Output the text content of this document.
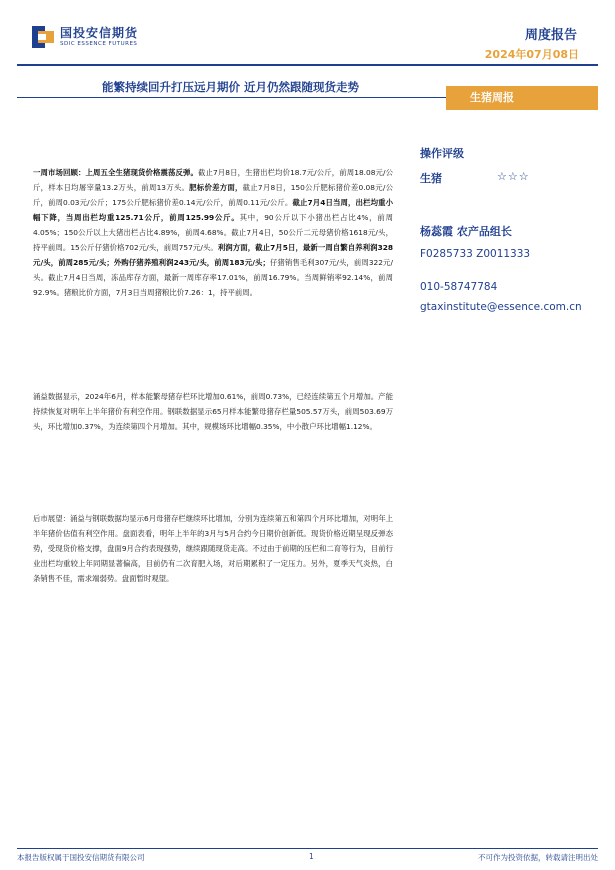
国投安信期货
SDIC ESSENCE FUTURES
周度报告
2024年07月08日
能繁持续回升打压远月期价 近月仍然跟随现货走势
生猪周报
操作评级
生猪	☆☆☆
杨蕊霞 农产品组长
F0285733 Z0011333
010-58747784
gtaxinstitute@essence.com.cn

一周市场回顾：上周五全生猪现货价格震荡反弹。截止7月8日，生猪出栏均价18.7元/公斤，前周18.08元/公斤，样本日均屠宰量13.2万头，前周13万头。肥标价差方面，截止7月8日，150公斤肥标猪价差0.08元/公斤，前周0.03元/公斤；175公斤肥标猪价差0.14元/公斤，前周0.11元/公斤。截止7月4日当周，出栏均重小幅下降，当周出栏均重125.71公斤，前周125.99公斤。其中，90公斤以下小猪出栏占比4%，前周4.05%；150公斤以上大猪出栏占比4.89%，前周4.68%。截止7月4日，50公斤二元母猪价格1618元/头，持平前周。15公斤仔猪价格702元/头，前周757元/头。利润方面，截止7月5日，最新一周自繁自养利润328元/头，前周285元/头；外购仔猪养殖利润243元/头，前周183元/头；仔猪销售毛利307元/头，前周322元/头。截止7月4日当周，冻品库存方面，最新一周库存率17.01%，前周16.79%。当周鲜销率92.14%，前周92.9%。猪粮比价方面，7月3日当周猪粮比价7.26：1，持平前周。

涌益数据显示，2024年6月，样本能繁母猪存栏环比增加0.61%，前周0.73%，已经连续第五个月增加。产能持续恢复对明年上半年猪价有利空作用。钢联数据显示65月样本能繁母猪存栏量505.57万头，前周503.69万头，环比增加0.37%，为连续第四个月增加。其中，规模场环比增幅0.35%，中小散户环比增幅1.12%。

后市展望：涌益与钢联数据均显示6月母猪存栏继续环比增加，分别为连续第五和第四个月环比增加，对明年上半年猪价估值有利空作用。盘面表看，明年上半年的3月与5月合约今日期价创新低。现货价格近期呈现反弹态势，受现货价格支撑，盘面9月合约表现强势，继续跟随现货走高。不过由于前期的压栏和二育等行为，目前行业出栏均重较上年同期显著偏高，目前仍有二次育肥入场，对后期累积了一定压力。另外，夏季天气炎热，白条销售不佳，需求端弱势。盘面暂时观望。

本报告版权属于国投安信期货有限公司	1	不可作为投资依据，转载请注明出处
